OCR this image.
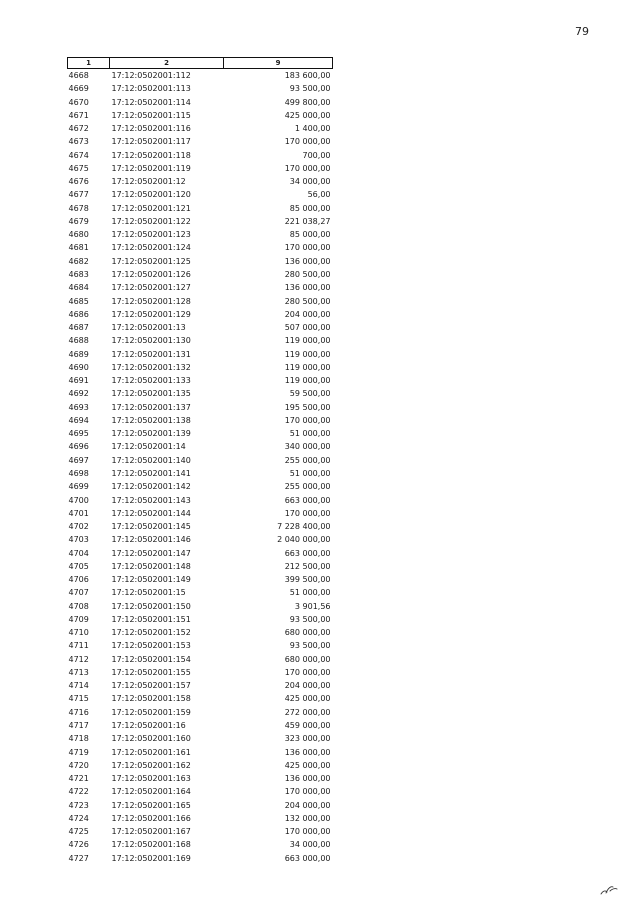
79
1	2	9
4668	17:12:0502001:112	183 600,00
4669	17:12:0502001:113	93 500,00
4670	17:12:0502001:114	499 800,00
4671	17:12:0502001:115	425 000,00
4672	17:12:0502001:116	1 400,00
4673	17:12:0502001:117	170 000,00
4674	17:12:0502001:118	700,00
4675	17:12:0502001:119	170 000,00
4676	17:12:0502001:12	34 000,00
4677	17:12:0502001:120	56,00
4678	17:12:0502001:121	85 000,00
4679	17:12:0502001:122	221 038,27
4680	17:12:0502001:123	85 000,00
4681	17:12:0502001:124	170 000,00
4682	17:12:0502001:125	136 000,00
4683	17:12:0502001:126	280 500,00
4684	17:12:0502001:127	136 000,00
4685	17:12:0502001:128	280 500,00
4686	17:12:0502001:129	204 000,00
4687	17:12:0502001:13	507 000,00
4688	17:12:0502001:130	119 000,00
4689	17:12:0502001:131	119 000,00
4690	17:12:0502001:132	119 000,00
4691	17:12:0502001:133	119 000,00
4692	17:12:0502001:135	59 500,00
4693	17:12:0502001:137	195 500,00
4694	17:12:0502001:138	170 000,00
4695	17:12:0502001:139	51 000,00
4696	17:12:0502001:14	340 000,00
4697	17:12:0502001:140	255 000,00
4698	17:12:0502001:141	51 000,00
4699	17:12:0502001:142	255 000,00
4700	17:12:0502001:143	663 000,00
4701	17:12:0502001:144	170 000,00
4702	17:12:0502001:145	7 228 400,00
4703	17:12:0502001:146	2 040 000,00
4704	17:12:0502001:147	663 000,00
4705	17:12:0502001:148	212 500,00
4706	17:12:0502001:149	399 500,00
4707	17:12:0502001:15	51 000,00
4708	17:12:0502001:150	3 901,56
4709	17:12:0502001:151	93 500,00
4710	17:12:0502001:152	680 000,00
4711	17:12:0502001:153	93 500,00
4712	17:12:0502001:154	680 000,00
4713	17:12:0502001:155	170 000,00
4714	17:12:0502001:157	204 000,00
4715	17:12:0502001:158	425 000,00
4716	17:12:0502001:159	272 000,00
4717	17:12:0502001:16	459 000,00
4718	17:12:0502001:160	323 000,00
4719	17:12:0502001:161	136 000,00
4720	17:12:0502001:162	425 000,00
4721	17:12:0502001:163	136 000,00
4722	17:12:0502001:164	170 000,00
4723	17:12:0502001:165	204 000,00
4724	17:12:0502001:166	132 000,00
4725	17:12:0502001:167	170 000,00
4726	17:12:0502001:168	34 000,00
4727	17:12:0502001:169	663 000,00
